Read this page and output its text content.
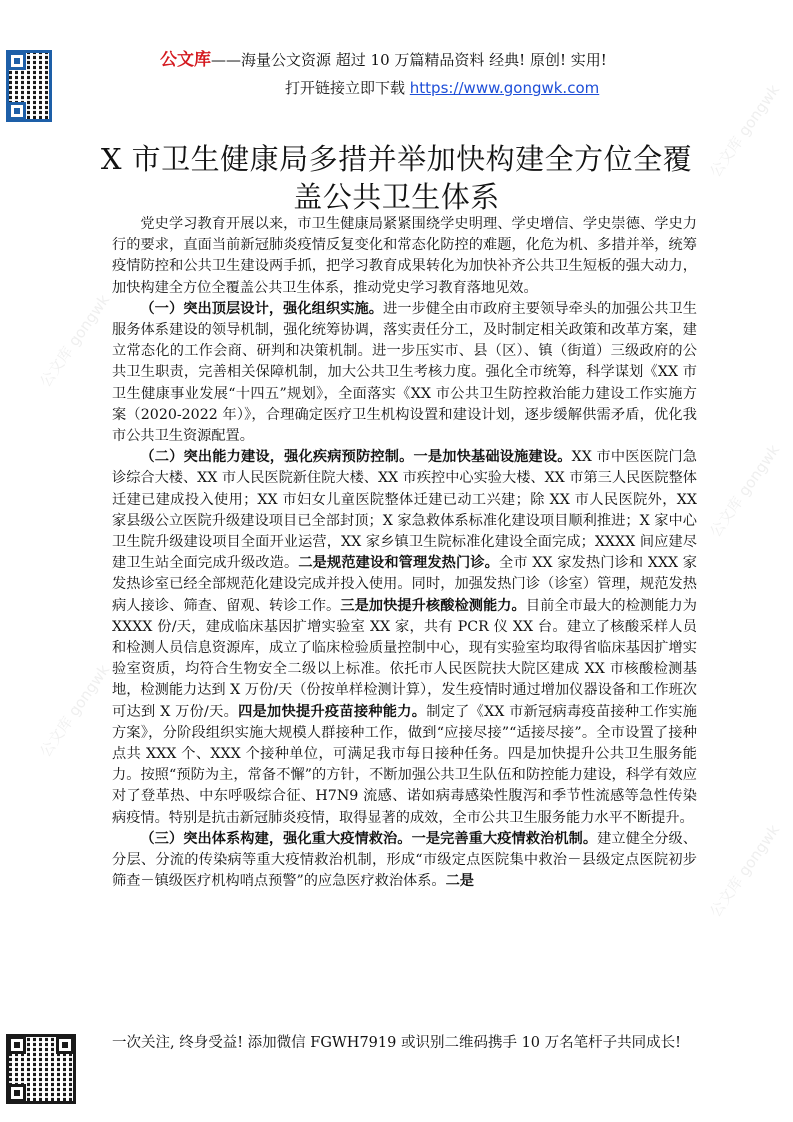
公文库 gongwk
公文库 gongwk
公文库 gongwk
公文库 gongwk
公文库 gongwk
公文库——海量公文资源 超过 10 万篇精品资料 经典! 原创! 实用!
打开链接立即下载 https://www.gongwk.com
X 市卫生健康局多措并举加快构建全方位全覆盖公共卫生体系

党史学习教育开展以来，市卫生健康局紧紧围绕学史明理、学史增信、学史崇德、学史力行的要求，直面当前新冠肺炎疫情反复变化和常态化防控的难题，化危为机、多措并举，统筹疫情防控和公共卫生建设两手抓，把学习教育成果转化为加快补齐公共卫生短板的强大动力，加快构建全方位全覆盖公共卫生体系，推动党史学习教育落地见效。

（一）突出顶层设计，强化组织实施。进一步健全由市政府主要领导牵头的加强公共卫生服务体系建设的领导机制，强化统筹协调，落实责任分工，及时制定相关政策和改革方案，建立常态化的工作会商、研判和决策机制。进一步压实市、县（区）、镇（街道）三级政府的公共卫生职责，完善相关保障机制，加大公共卫生考核力度。强化全市统筹，科学谋划《XX 市卫生健康事业发展“十四五”规划》，全面落实《XX 市公共卫生防控救治能力建设工作实施方案（2020-2022 年）》，合理确定医疗卫生机构设置和建设计划，逐步缓解供需矛盾，优化我市公共卫生资源配置。

（二）突出能力建设，强化疾病预防控制。一是加快基础设施建设。XX 市中医医院门急诊综合大楼、XX 市人民医院新住院大楼、XX 市疾控中心实验大楼、XX 市第三人民医院整体迁建已建成投入使用；XX 市妇女儿童医院整体迁建已动工兴建；除 XX 市人民医院外，XX 家县级公立医院升级建设项目已全部封顶；X 家急救体系标准化建设项目顺利推进；X 家中心卫生院升级建设项目全面开业运营，XX 家乡镇卫生院标准化建设全面完成；XXXX 间应建尽建卫生站全面完成升级改造。二是规范建设和管理发热门诊。全市 XX 家发热门诊和 XXX 家发热诊室已经全部规范化建设完成并投入使用。同时，加强发热门诊（诊室）管理，规范发热病人接诊、筛查、留观、转诊工作。三是加快提升核酸检测能力。目前全市最大的检测能力为 XXXX 份/天，建成临床基因扩增实验室 XX 家，共有 PCR 仪 XX 台。建立了核酸采样人员和检测人员信息资源库，成立了临床检验质量控制中心，现有实验室均取得省临床基因扩增实验室资质，均符合生物安全二级以上标准。依托市人民医院扶大院区建成 XX 市核酸检测基地，检测能力达到 X 万份/天（份按单样检测计算），发生疫情时通过增加仪器设备和工作班次可达到 X 万份/天。四是加快提升疫苗接种能力。制定了《XX 市新冠病毒疫苗接种工作实施方案》，分阶段组织实施大规模人群接种工作，做到“应接尽接”“适接尽接”。全市设置了接种点共 XXX 个、XXX 个接种单位，可满足我市每日接种任务。四是加快提升公共卫生服务能力。按照“预防为主，常备不懈”的方针，不断加强公共卫生队伍和防控能力建设，科学有效应对了登革热、中东呼吸综合征、H7N9 流感、诺如病毒感染性腹泻和季节性流感等急性传染病疫情。特别是抗击新冠肺炎疫情，取得显著的成效，全市公共卫生服务能力水平不断提升。

（三）突出体系构建，强化重大疫情救治。一是完善重大疫情救治机制。建立健全分级、分层、分流的传染病等重大疫情救治机制，形成“市级定点医院集中救治－县级定点医院初步筛查－镇级医疗机构哨点预警”的应急医疗救治体系。二是

一次关注, 终身受益! 添加微信 FGWH7919 或识别二维码携手 10 万名笔杆子共同成长!
